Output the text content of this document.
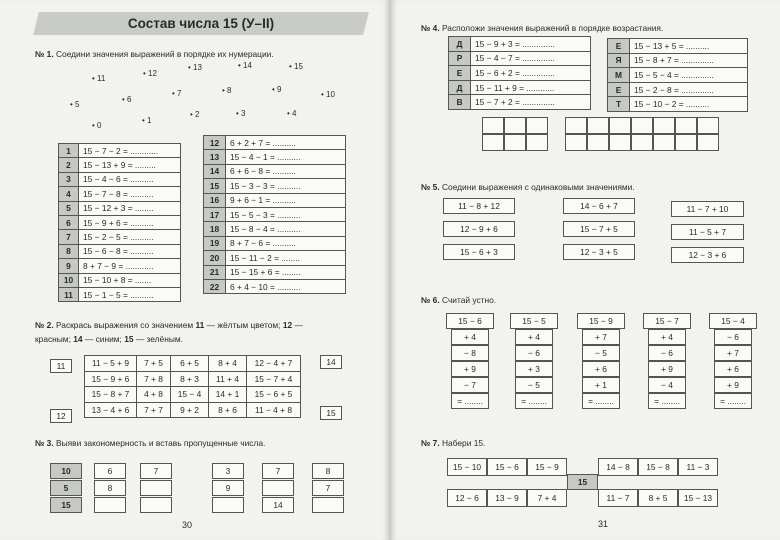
Состав числа 15 (У–II)
№ 1. Соедини значения выражений в порядке их нумерации.
• 11
• 12
• 13	• 14	• 15
• 5
• 6
• 7	• 8	• 9
• 10
• 0
• 1
• 2	• 3	• 4
1	15 − 7 − 2 = ............
2	15 − 13 + 9 = .........
3	15 − 4 − 6 = ..........
4	15 − 7 − 8 = ..........
5	15 − 12 + 3 = ........
6	15 − 9 + 6 = ..........
7	15 − 2 − 5 = ..........
8	15 − 6 − 8 = ..........
9	8 + 7 − 9 = ............
10	15 − 10 + 8 = .......
11	15 − 1 − 5 = ..........
12	6 + 2 + 7 = ..........
13	15 − 4 − 1 = ..........
14	6 + 6 − 8 = ..........
15	15 − 3 − 3 = ..........
16	9 + 6 − 1 = ..........
17	15 − 5 − 3 = ..........
18	15 − 8 − 4 = ..........
19	8 + 7 − 6 = ..........
20	15 − 11 − 2 = ........
21	15 − 15 + 6 = ........
22	6 + 4 − 10 = ..........
№ 2. Раскрась выражения со значением 11 — жёлтым цветом; 12 —
красным; 14 — синим; 15 — зелёным.
11	14
12	15
11 − 5 + 9	7 + 5	6 + 5	8 + 4	12 − 4 + 7
15 − 9 + 6	7 + 8	8 + 3	11 + 4	15 − 7 + 4
15 − 8 + 7	4 + 8	15 − 4	14 + 1	15 − 6 + 5
13 − 4 + 6	7 + 7	9 + 2	8 + 6	11 − 4 + 8
№ 3. Выяви закономерность и вставь пропущенные числа.
10	6	7
5	8
15
3	7	8
9	7
14
30
№ 4. Расположи значения выражений в порядке возрастания.
Д	15 − 9 + 3 = ..............
Р	15 − 4 − 7 = ..............
Е	15 − 6 + 2 = ..............
Д	15 − 11 + 9 = ............
В	15 − 7 + 2 = ..............
Е	15 − 13 + 5 = ..........
Я	15 − 8 + 7 = ..............
М	15 − 5 − 4 = ..............
Е	15 − 2 − 8 = ..............
Т	15 − 10 − 2 = ..........
№ 5. Соедини выражения с одинаковыми значениями.
11 − 8 + 12	14 − 6 + 7	11 − 7 + 10
12 − 9 + 6	15 − 7 + 5	11 − 5 + 7
15 − 6 + 3	12 − 3 + 5	12 − 3 + 6
№ 6. Считай устно.
15 − 6
+ 4
− 8
+ 9
− 7
= ........
15 − 5
+ 4
− 6
+ 3
− 5
= ........
15 − 9
+ 7
− 5
+ 6
+ 1
= ........
15 − 7
+ 4
− 6
+ 9
− 4
= ........
15 − 4
− 6
+ 7
+ 6
+ 9
= ........
№ 7. Набери 15.
15 − 10	15 − 6	15 − 9	14 − 8	15 − 8	11 − 3
12 − 6	13 − 9	7 + 4	11 − 7	8 + 5	15 − 13
15
31
